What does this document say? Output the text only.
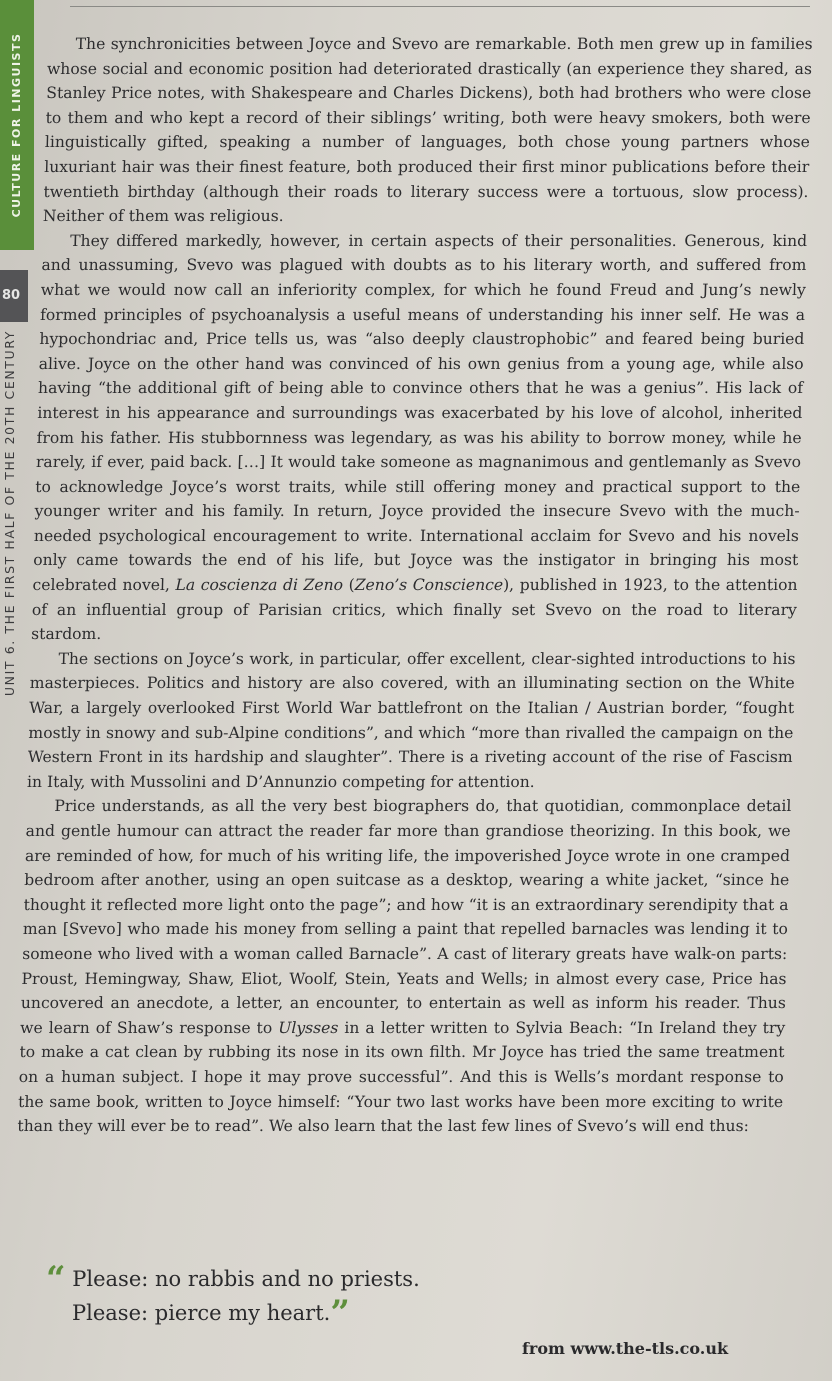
CULTURE FOR LINGUISTS
80
UNIT 6. THE FIRST HALF OF THE 20TH CENTURY

The synchronicities between Joyce and Svevo are remarkable. Both men grew up in families whose social and economic position had deteriorated drastically (an experience they shared, as Stanley Price notes, with Shakespeare and Charles Dickens), both had brothers who were close to them and who kept a record of their siblings’ writing, both were heavy smokers, both were linguistically gifted, speaking a number of languages, both chose young partners whose luxuriant hair was their finest feature, both produced their first minor publications before their twentieth birthday (although their roads to literary success were a tortuous, slow process). Neither of them was religious.

They differed markedly, however, in certain aspects of their personalities. Generous, kind and unassuming, Svevo was plagued with doubts as to his literary worth, and suffered from what we would now call an inferiority complex, for which he found Freud and Jung’s newly formed principles of psychoanalysis a useful means of understanding his inner self. He was a hypochondriac and, Price tells us, was “also deeply claustrophobic” and feared being buried alive. Joyce on the other hand was convinced of his own genius from a young age, while also having “the additional gift of being able to convince others that he was a genius”. His lack of interest in his appearance and surroundings was exacerbated by his love of alcohol, inherited from his father. His stubbornness was legendary, as was his ability to borrow money, while he rarely, if ever, paid back. […] It would take someone as magnanimous and gentlemanly as Svevo to acknowledge Joyce’s worst traits, while still offering money and practical support to the younger writer and his family. In return, Joyce provided the insecure Svevo with the much-needed psychological encouragement to write. International acclaim for Svevo and his novels only came towards the end of his life, but Joyce was the instigator in bringing his most celebrated novel, La coscienza di Zeno (Zeno’s Conscience), published in 1923, to the attention of an influential group of Parisian critics, which finally set Svevo on the road to literary stardom.

The sections on Joyce’s work, in particular, offer excellent, clear-sighted introductions to his masterpieces. Politics and history are also covered, with an illuminating section on the White War, a largely overlooked First World War battlefront on the Italian / Austrian border, “fought mostly in snowy and sub-Alpine conditions”, and which “more than rivalled the campaign on the Western Front in its hardship and slaughter”. There is a riveting account of the rise of Fascism in Italy, with Mussolini and D’Annunzio competing for attention.

Price understands, as all the very best biographers do, that quotidian, commonplace detail and gentle humour can attract the reader far more than grandiose theorizing. In this book, we are reminded of how, for much of his writing life, the impoverished Joyce wrote in one cramped bedroom after another, using an open suitcase as a desktop, wearing a white jacket, “since he thought it reflected more light onto the page”; and how “it is an extraordinary serendipity that a man [Svevo] who made his money from selling a paint that repelled barnacles was lending it to someone who lived with a woman called Barnacle”. A cast of literary greats have walk-on parts: Proust, Hemingway, Shaw, Eliot, Woolf, Stein, Yeats and Wells; in almost every case, Price has uncovered an anecdote, a letter, an encounter, to entertain as well as inform his reader. Thus we learn of Shaw’s response to Ulysses in a letter written to Sylvia Beach: “In Ireland they try to make a cat clean by rubbing its nose in its own filth. Mr Joyce has tried the same treatment on a human subject. I hope it may prove successful”. And this is Wells’s mordant response to the same book, written to Joyce himself: “Your two last works have been more exciting to write than they will ever be to read”. We also learn that the last few lines of Svevo’s will end thus:

“ Please: no rabbis and no priests.
Please: pierce my heart.”
from www.the-tls.co.uk
